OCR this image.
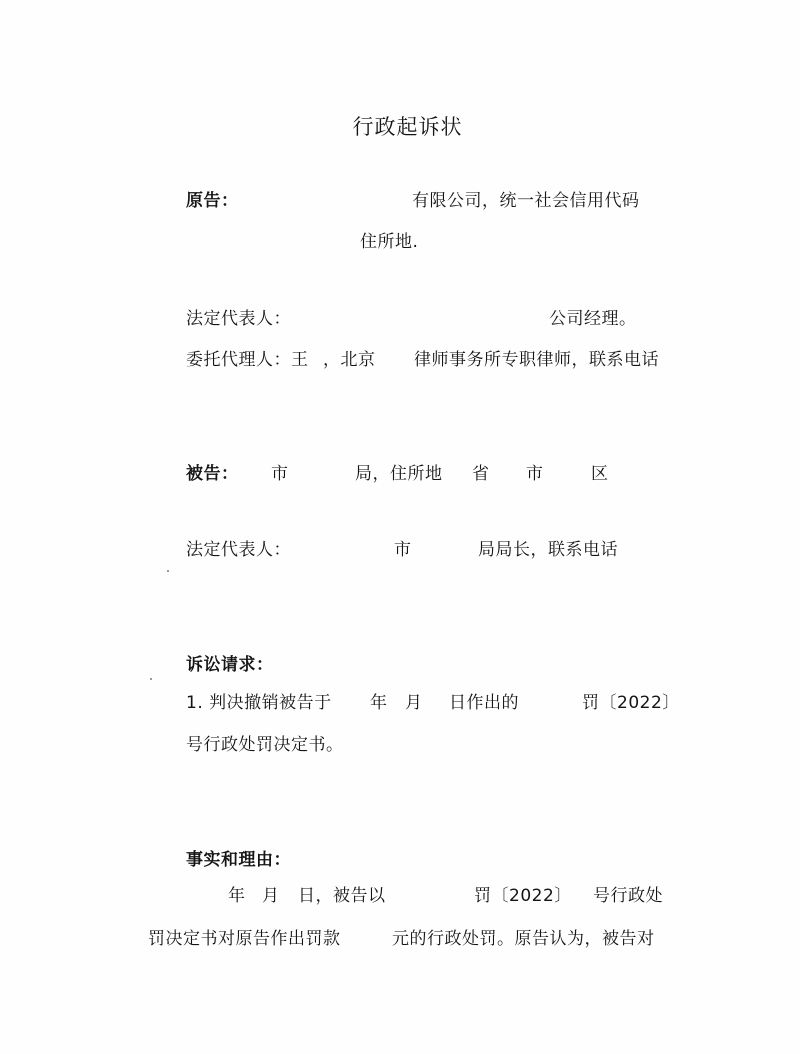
行政起诉状
原告：	有限公司，统一社会信用代码
住所地.
法定代表人：	公司经理。
委托代理人：王 ，北京 律师事务所专职律师，联系电话
被告： 市	局，住所地 省 市	区
法定代表人：	市	局局长，联系电话
诉讼请求：
1. 判决撤销被告于 年 月 日作出的	罚〔2022〕
号行政处罚决定书。
事实和理由：
年 月 日，被告以	罚〔2022〕 号行政处
罚决定书对原告作出罚款	元的行政处罚。原告认为，被告对
